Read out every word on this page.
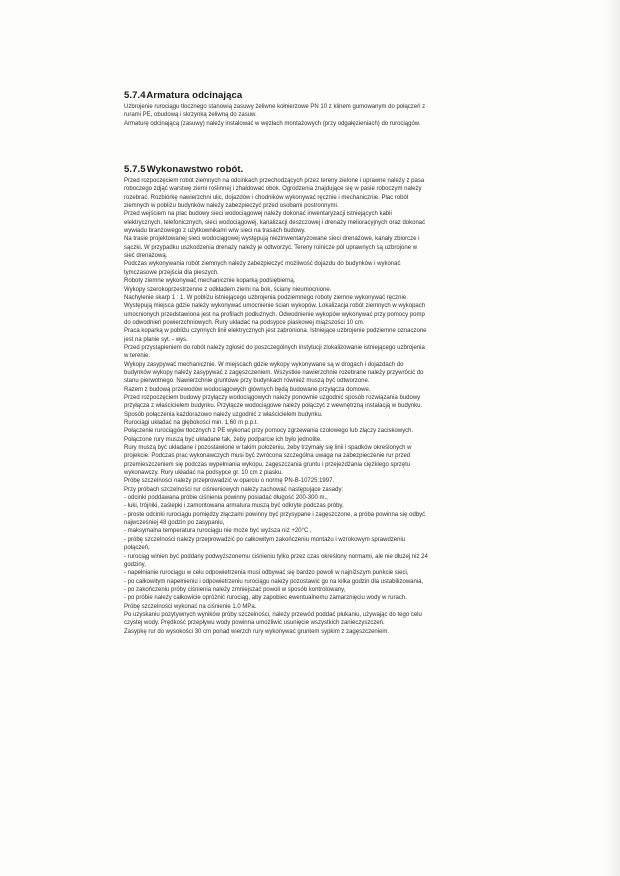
5.7.4 Armatura odcinająca
Uzbrojenie rurociągu tłocznego stanowią zasuwy żeliwne kołnierzowe PN 10 z klinem gumowanym do połączeń z
rurami PE, obudową i skrzynką żeliwną do zasuw.
Armaturę odcinającą (zasuwy) należy instalować w węzłach montażowych (przy odgałęzieniach) do rurociągów.
5.7.5 Wykonawstwo robót.
Przed rozpoczęciem robót ziemnych na odcinkach przechodzących przez tereny zielone i uprawne należy z pasa
roboczego zdjąć warstwę ziemi roślinnej i zhałdować obok. Ogrodzenia znajdujące się w pasie roboczym należy
rozebrać. Rozbiórkę nawierzchni ulic, dojazdów i chodników wykonywać ręcznie i mechanicznie. Plac robót
ziemnych w pobliżu budynków należy zabezpieczyć przed osobami postronnymi.
Przed wejściem na plac budowy sieci wodociągowej należy dokonać inwentaryzacji istniejących kabli
elektrycznych, telefonicznych, sieci wodociągowej, kanalizacji deszczowej i drenaży melioracyjnych oraz dokonać
wywiadu branżowego z użytkownikami w/w sieci na trasach budowy.
Na trasie projektowanej sieci wodociągowej występują niezinwentaryzowane sieci drenażowe, kanały zbiorcze i
sączki. W przypadku uszkodzenia drenaży należy je odtworzyć. Tereny rolnicze pól uprawnych są uzbrojone w
sieć drenażową.
Podczas wykonywania robót ziemnych należy zabezpieczyć możliwość dojazdu do budynków i wykonać
tymczasowe przejścia dla pieszych.
Roboty ziemne wykonywać mechanicznie koparką podsiębierną.
Wykopy szerokoprzestrzenne z odkładem ziemi na bok, ściany nieumocnione.
Nachylenie skarp 1 : 1. W pobliżu istniejącego uzbrojenia podziemnego roboty ziemne wykonywać ręcznie.
Występują miejsca gdzie należy wykonywać umocnienie ścian wykopów. Lokalizacja robót ziemnych w wykopach
umocnionych przedstawiona jest na profilach podłużnych. Odwodnienie wykopów wykonywać przy pomocy pomp
do odwodnień powierzchniowych. Rury układać na podsypce piaskowej miąższości 10 cm.
Praca koparką w pobliżu czynnych linii elektrycznych jest zabroniona. Istniejące uzbrojenie podziemne oznaczone
jest na planie syt. - wys.
Przed przystąpieniem do robót należy zgłosić do poszczególnych instytucji zlokalizowanie istniejącego uzbrojenia
w terenie.
Wykopy zasypywać mechanicznie. W miejscach gdzie wykopy wykonywane są w drogach i dojazdach do
budynków wykopy należy zasypywać z zagęszczeniem. Wszystkie nawierzchnie rozebrane należy przywrócić do
stanu pierwotnego. Nawierzchnie gruntowe przy budynkach również muszą być odtworzone.
Razem z budową przewodów wodociągowych głównych będą budowane przyłącza domowe.
Przed rozpoczęciem budowy przyłączy wodociągowych należy ponownie uzgodnić sposób rozwiązania budowy
przyłącza z właścicielem budynku. Przyłącze wodociągowe należy połączyć z wewnętrzną instalacją w budynku.
Sposób połączenia każdorazowo należy uzgodnić z właścicielem budynku.
Rurociągi układać na głębokości min. 1,60 m p.p.t.
Połączenie rurociągów tłocznych z PE wykonać przy pomocy zgrzewania czołowego lub złączy zaciskowych.
Połączone rury muszą być układane tak, żeby podparcie ich było jednolite.
Rury muszą być układane i pozostawione w takim położeniu, żeby trzymały się linii i spadków określonych w
projekcie. Podczas prac wykonawczych musi być zwrócona szczególna uwaga na zabezpieczenie rur przed
przemieszczeniem się podczas wypełniania wykopu, zagęszczania gruntu i przejeżdżania ciężkiego sprzętu
wykonawczy. Rury układać na podsypce gr. 10 cm z piasku.
Próbę szczelności należy przeprowadzić w oparciu o normę PN-B-10725:1997.
Przy próbach szczelności rur ciśnieniowych należy zachować następujące zasady:
- odcinki poddawana próbie ciśnienia powinny posiadać długość 200-300 m.,
- łuki, trójniki, zaślepki i zamontowana armatura muszą być odkryte podczas próby,
- proste odcinki rurociągu pomiędzy złączami powinny być przysypane i zagęszczone, a próba powinna się odbyć
najwcześniej 48 godzin po zasypaniu,
- maksymalna temperatura rurociągu nie może być wyższa niż +20°C ,
- próbę szczelności należy przeprowadzić po całkowitym zakończeniu montażu i wzrokowym sprawdzeniu
połączeń,
- rurociąg winien być poddany podwyższonemu ciśnieniu tylko przez czas określony normami, ale nie dłużej niż 24
godziny,
- napełnianie rurociągu w celu odpowietrzenia musi odbywać się bardzo powoli w najniższym punkcie sieci,
- po całkowitym napełnieniu i odpowietrzeniu rurociągu należy pozostawić go na kilka godzin dla ustabilizowania,
- po zakończeniu próby ciśnienia należy zmniejszać powoli w sposób kontrolowany,
- po próbie należy całkowicie opróżnić rurociąg, aby zapobiec ewentualnemu zamarznięciu wody w rurach.
Próbę szczelności wykonać na ciśnienie 1.0 MPa.
Po uzyskaniu pozytywnych wyników próby szczelności, należy przewód poddać płukaniu, używając do tego celu
czystej wody. Prędkość przepływu wody powinna umożliwić usunięcie wszystkich zanieczyszczeń.
Zasypkę rur do wysokości 30 cm ponad wierzch rury wykonywać gruntem sypkim z zagęszczeniem.
